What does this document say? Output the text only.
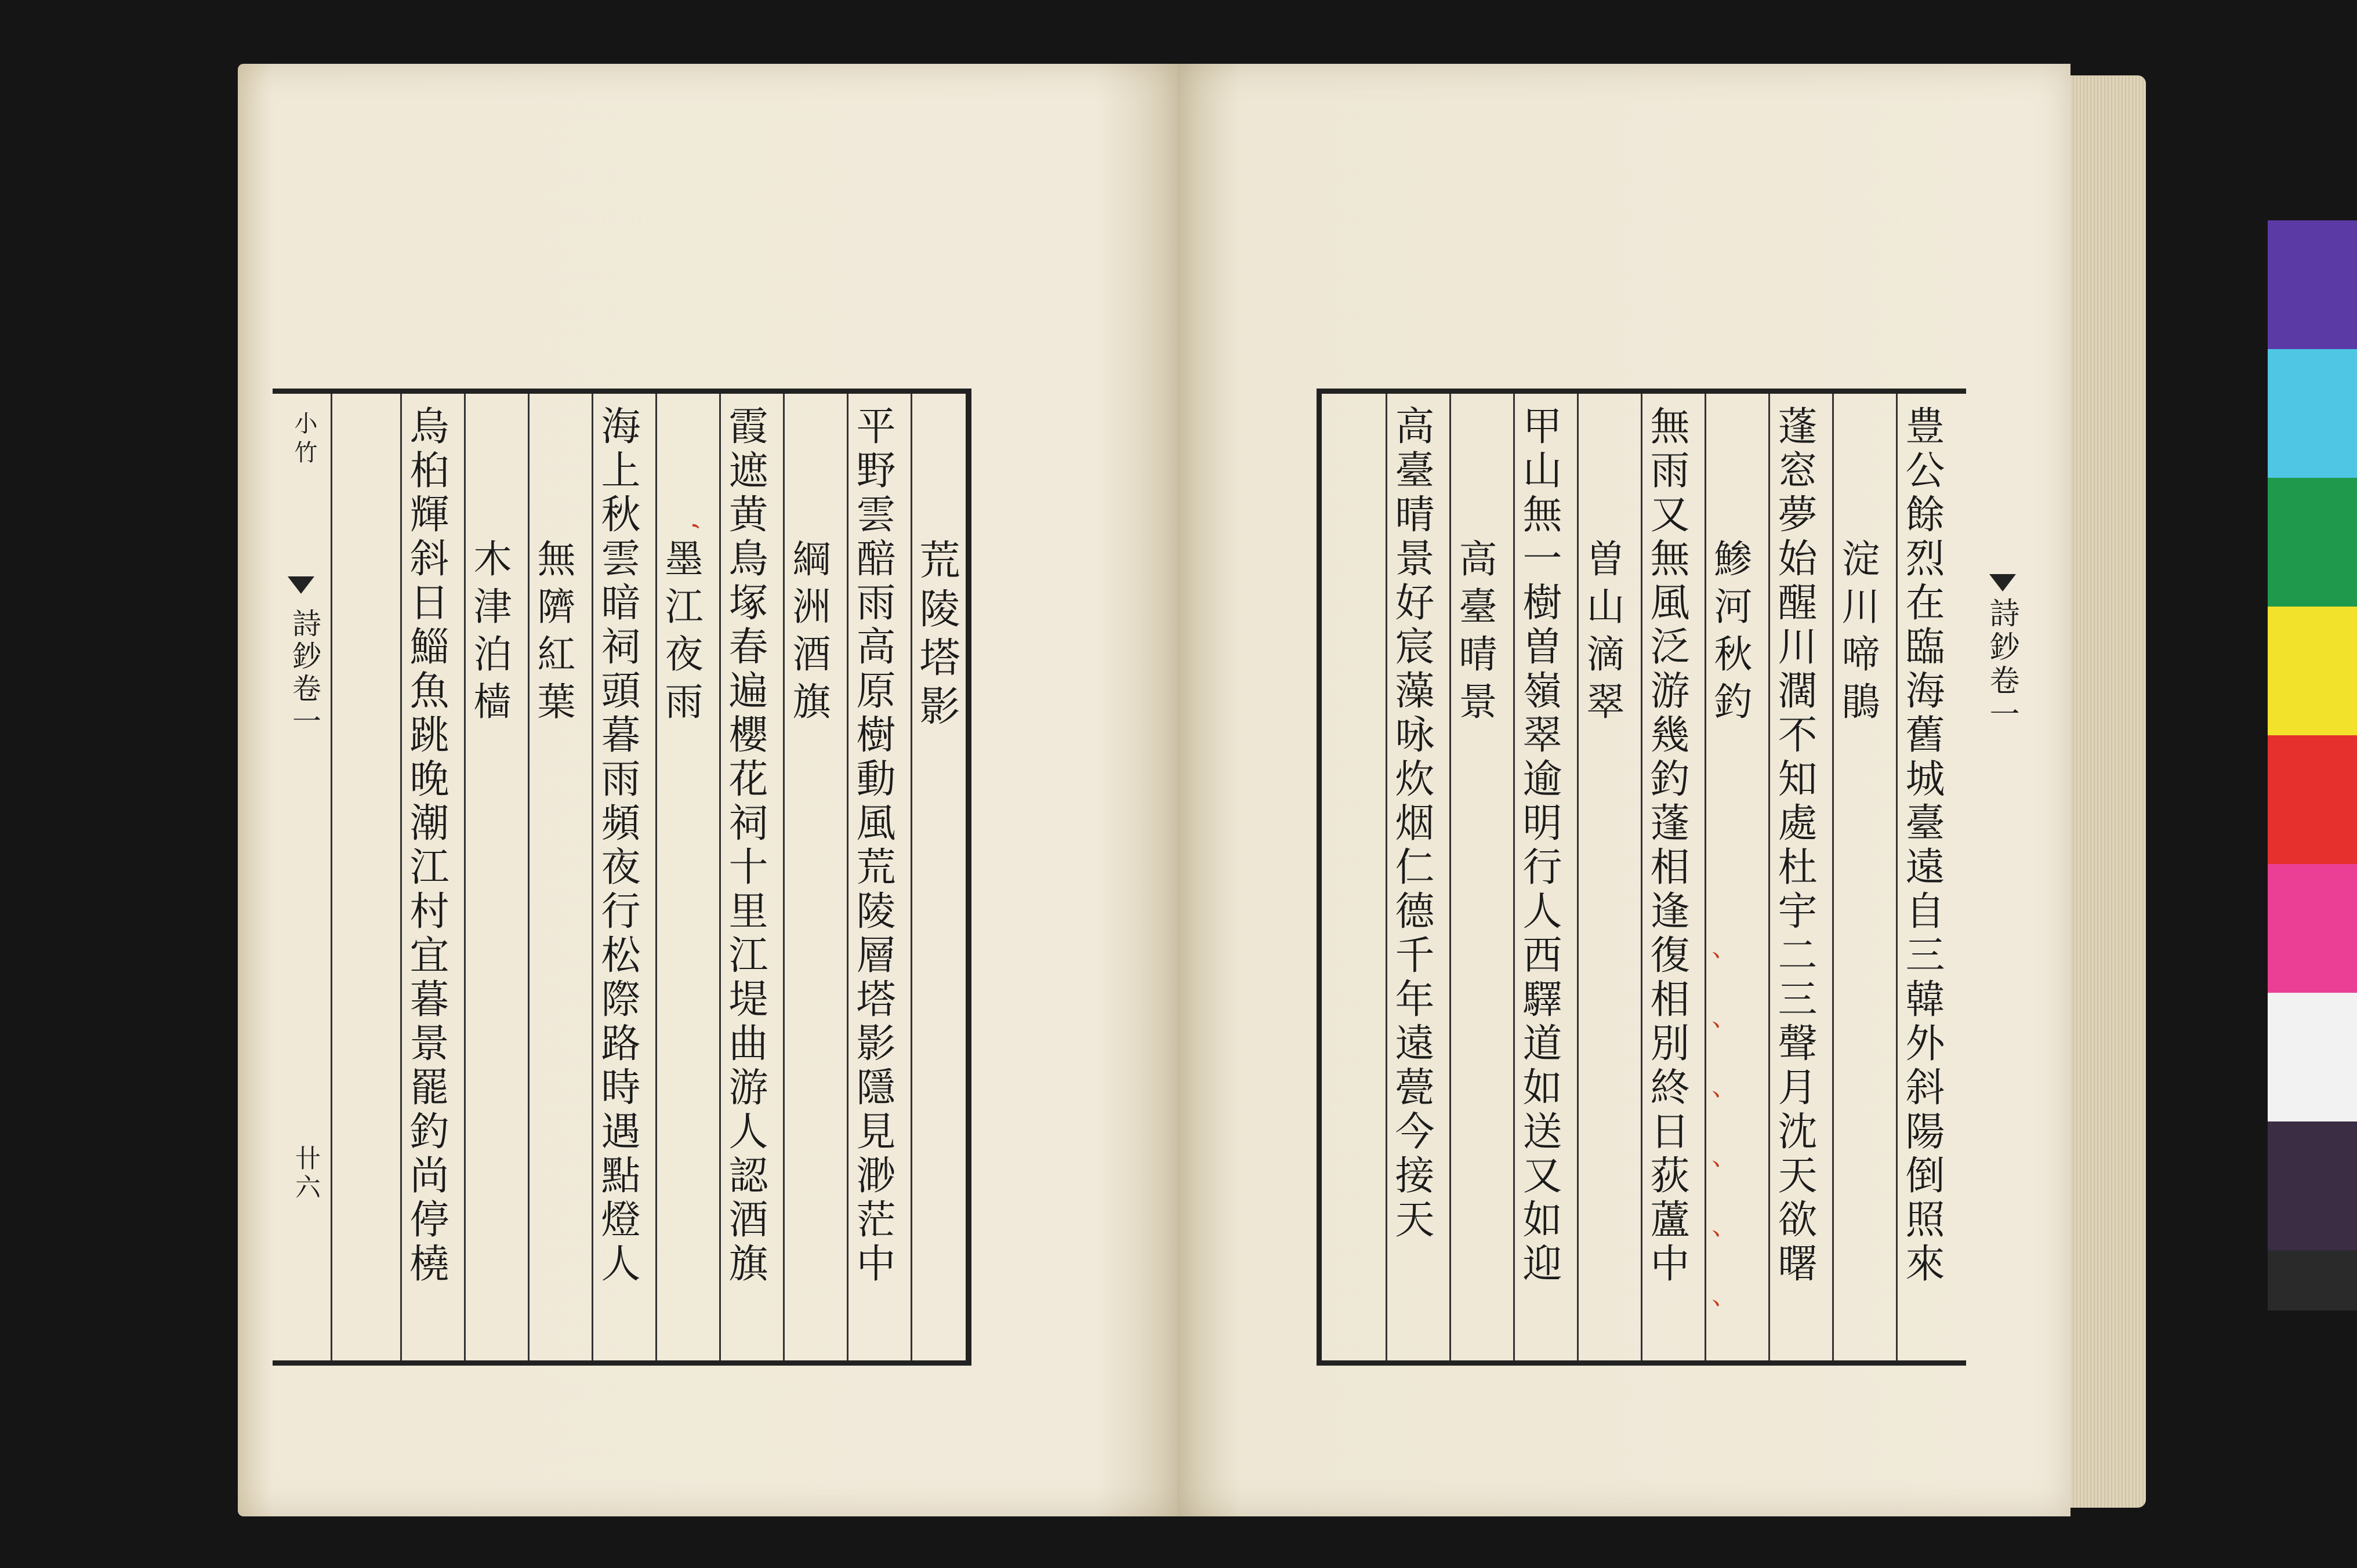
小竹
詩鈔卷一
卄六
荒陵塔影
平野雲醅雨高原樹動風荒陵層塔影隱見渺茫中
綱洲酒旗
霞遮黄鳥塚春遍櫻花祠十里江堤曲游人認酒旗
墨江夜雨
海上秋雲暗祠頭暮雨頻夜行松際路時遇點燈人
無隮紅葉
木津泊樯
烏桕輝斜日鯔魚跳晚潮江村宜暮景罷釣尚停橈	‘	豊公餘烈在臨海舊城臺遠自三韓外斜陽倒照來
淀川啼鵑
蓬窓夢始醒川濶不知處杜宇二三聲月沈天欲曙
鯵河秋釣
無雨又無風泛游幾釣蓬相逢復相別終日荻蘆中
曽山滴翠
甲山無一樹曽嶺翠逾明行人西驛道如送又如迎
高臺晴景
高臺晴景好宸藻咏炊烟仁德千年遠甍今接天	、
、
、
、
、
、
詩鈔卷一
